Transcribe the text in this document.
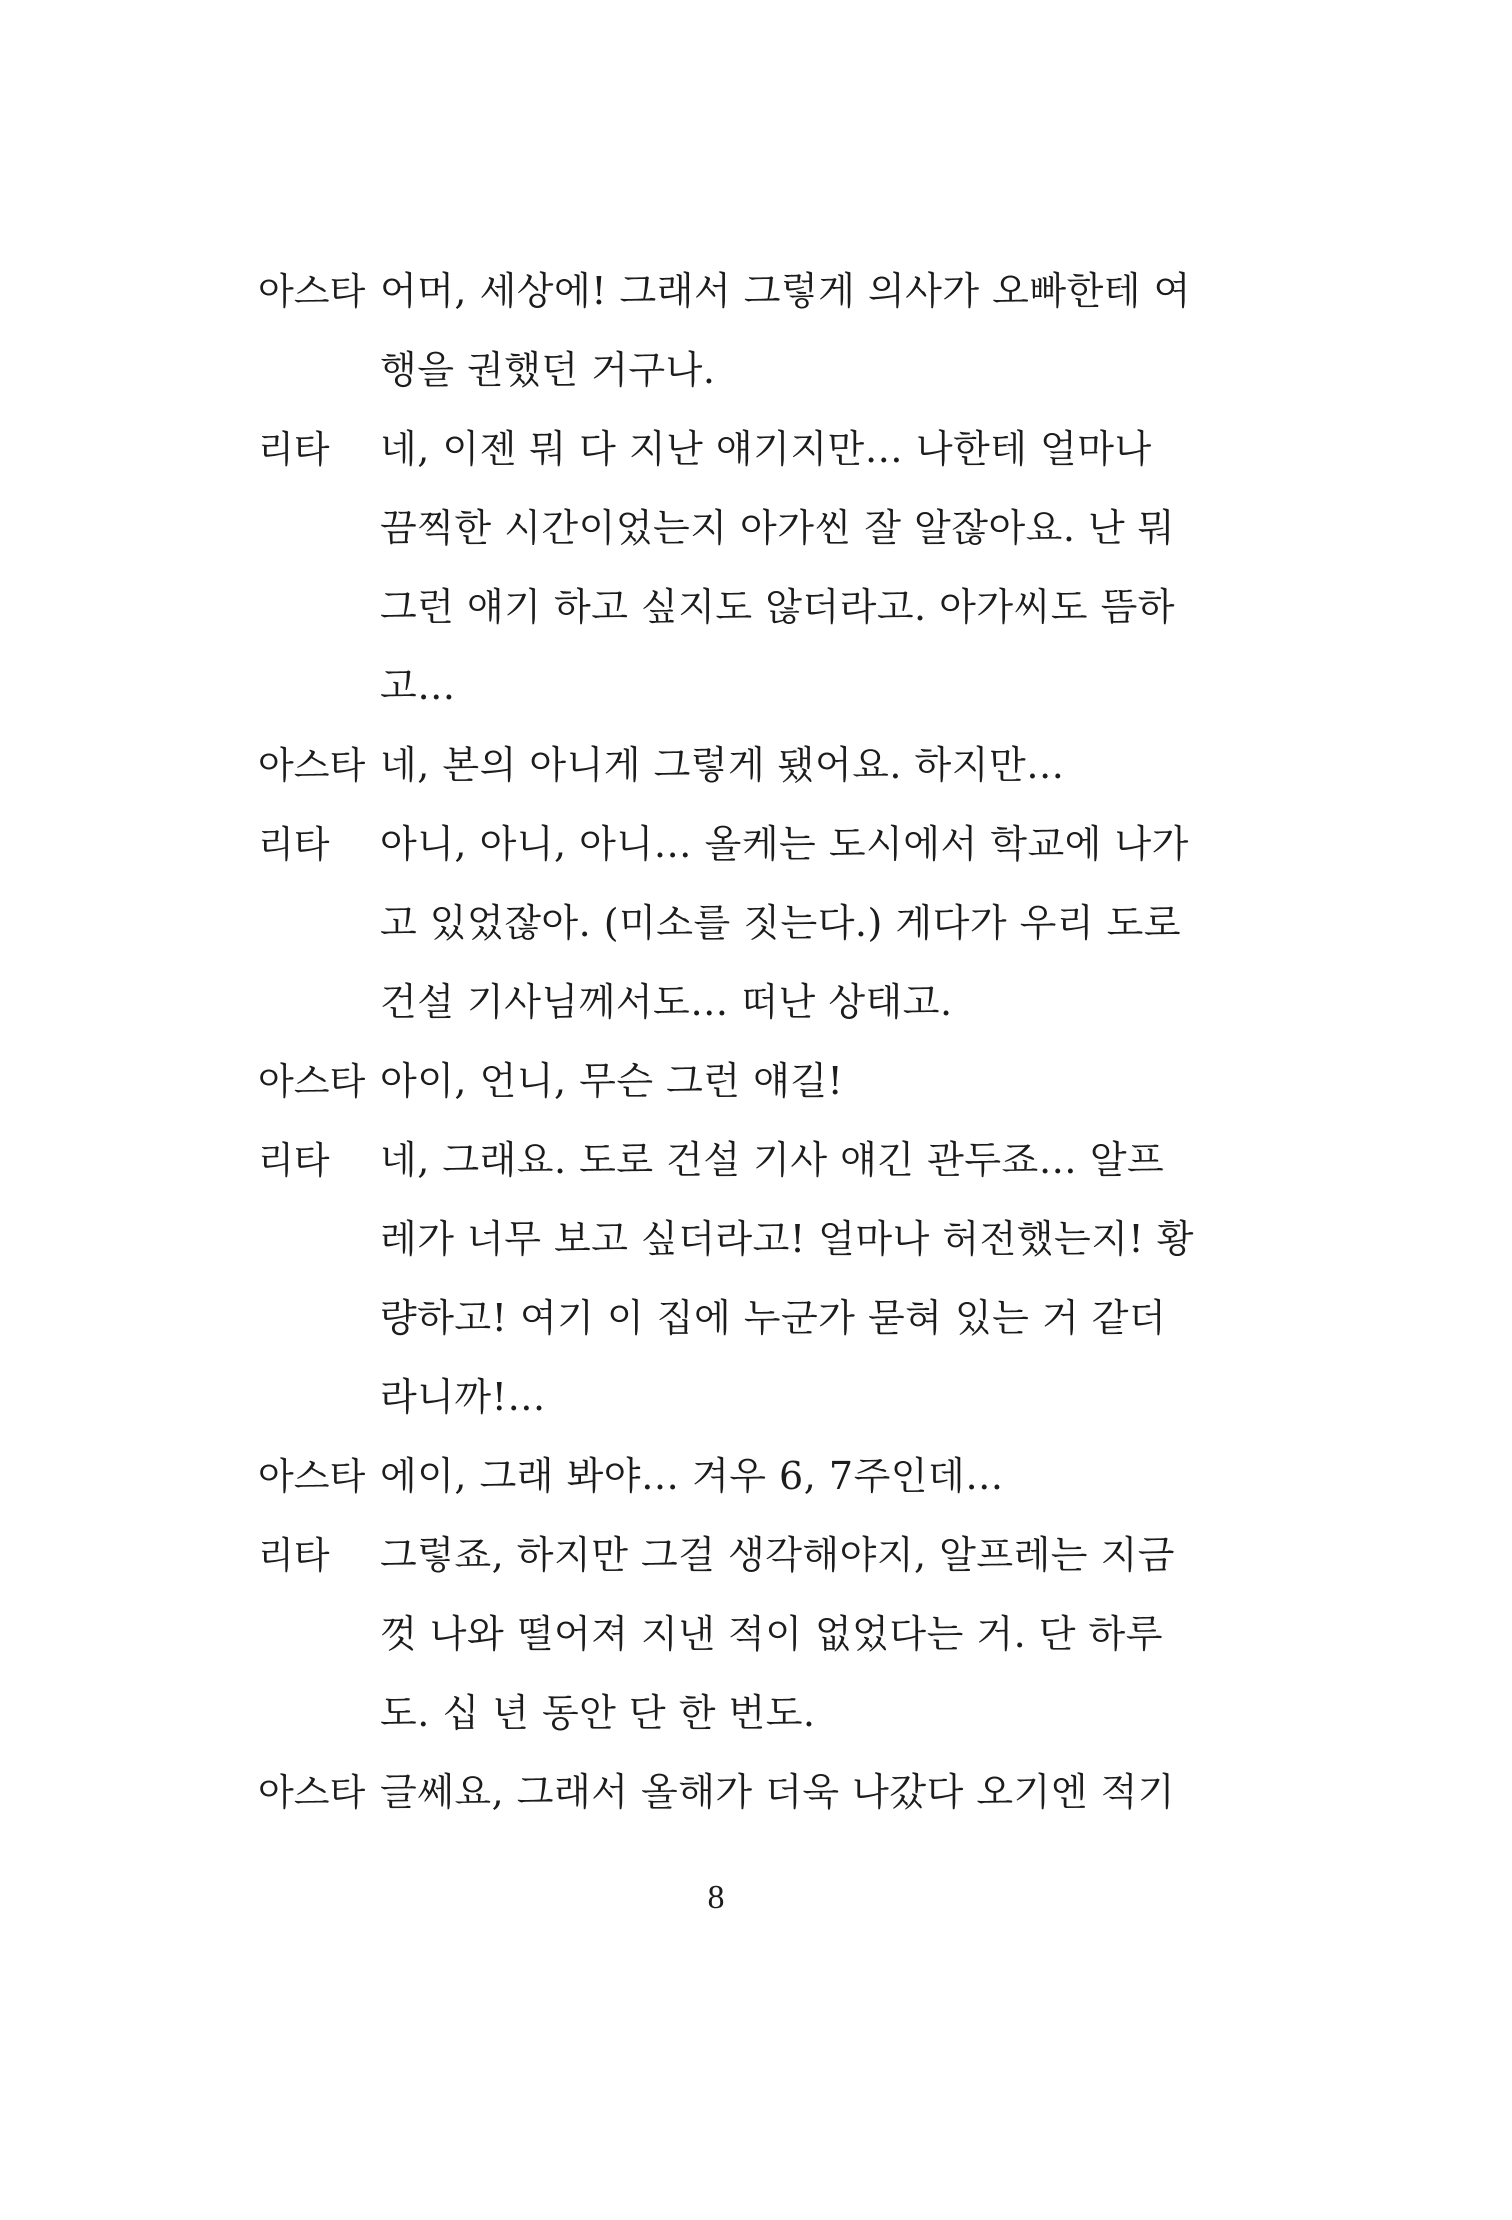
아스타 어머, 세상에! 그래서 그렇게 의사가 오빠한테 여
행을 권했던 거구나.
리타 네, 이젠 뭐 다 지난 얘기지만… 나한테 얼마나
끔찍한 시간이었는지 아가씬 잘 알잖아요. 난 뭐
그런 얘기 하고 싶지도 않더라고. 아가씨도 뜸하
고…
아스타 네, 본의 아니게 그렇게 됐어요. 하지만…
리타 아니, 아니, 아니… 올케는 도시에서 학교에 나가
고 있었잖아. (미소를 짓는다.) 게다가 우리 도로
건설 기사님께서도… 떠난 상태고.
아스타 아이, 언니, 무슨 그런 얘길!
리타 네, 그래요. 도로 건설 기사 얘긴 관두죠… 알프
레가 너무 보고 싶더라고! 얼마나 허전했는지! 황
량하고! 여기 이 집에 누군가 묻혀 있는 거 같더
라니까!…
아스타 에이, 그래 봐야… 겨우 6, 7주인데…
리타 그렇죠, 하지만 그걸 생각해야지, 알프레는 지금
껏 나와 떨어져 지낸 적이 없었다는 거. 단 하루
도. 십 년 동안 단 한 번도.
아스타 글쎄요, 그래서 올해가 더욱 나갔다 오기엔 적기
8
